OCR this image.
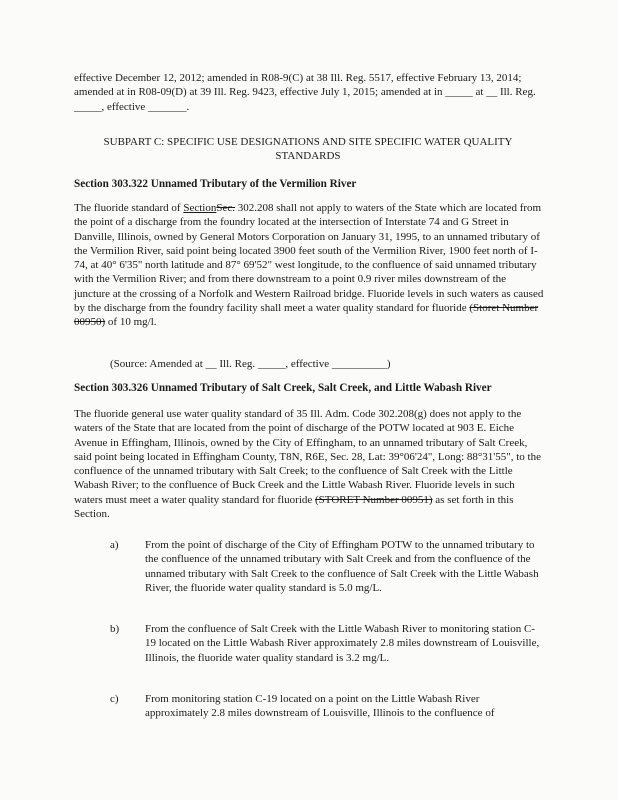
effective December 12, 2012; amended in R08-9(C) at 38 Ill. Reg. 5517, effective February 13, 2014; amended at in R08-09(D) at 39 Ill. Reg. 9423, effective July 1, 2015; amended at in _____ at __ Ill. Reg. _____, effective _______.

SUBPART C: SPECIFIC USE DESIGNATIONS AND SITE SPECIFIC WATER QUALITY STANDARDS

Section 303.322 Unnamed Tributary of the Vermilion River

The fluoride standard of SectionSec. 302.208 shall not apply to waters of the State which are located from the point of a discharge from the foundry located at the intersection of Interstate 74 and G Street in Danville, Illinois, owned by General Motors Corporation on January 31, 1995, to an unnamed tributary of the Vermilion River, said point being located 3900 feet south of the Vermilion River, 1900 feet north of I-74, at 40° 6'35" north latitude and 87° 69'52" west longitude, to the confluence of said unnamed tributary with the Vermilion River; and from there downstream to a point 0.9 river miles downstream of the juncture at the crossing of a Norfolk and Western Railroad bridge. Fluoride levels in such waters as caused by the discharge from the foundry facility shall meet a water quality standard for fluoride (Storet Number 00950) of 10 mg/l.

(Source: Amended at __ Ill. Reg. _____, effective __________)

Section 303.326 Unnamed Tributary of Salt Creek, Salt Creek, and Little Wabash River

The fluoride general use water quality standard of 35 Ill. Adm. Code 302.208(g) does not apply to the waters of the State that are located from the point of discharge of the POTW located at 903 E. Eiche Avenue in Effingham, Illinois, owned by the City of Effingham, to an unnamed tributary of Salt Creek, said point being located in Effingham County, T8N, R6E, Sec. 28, Lat: 39°06'24", Long: 88°31'55", to the confluence of the unnamed tributary with Salt Creek; to the confluence of Salt Creek with the Little Wabash River; to the confluence of Buck Creek and the Little Wabash River. Fluoride levels in such waters must meet a water quality standard for fluoride (STORET Number 00951) as set forth in this Section.

a) From the point of discharge of the City of Effingham POTW to the unnamed tributary to the confluence of the unnamed tributary with Salt Creek and from the confluence of the unnamed tributary with Salt Creek to the confluence of Salt Creek with the Little Wabash River, the fluoride water quality standard is 5.0 mg/L.

b) From the confluence of Salt Creek with the Little Wabash River to monitoring station C-19 located on the Little Wabash River approximately 2.8 miles downstream of Louisville, Illinois, the fluoride water quality standard is 3.2 mg/L.

c) From monitoring station C-19 located on a point on the Little Wabash River approximately 2.8 miles downstream of Louisville, Illinois to the confluence of
